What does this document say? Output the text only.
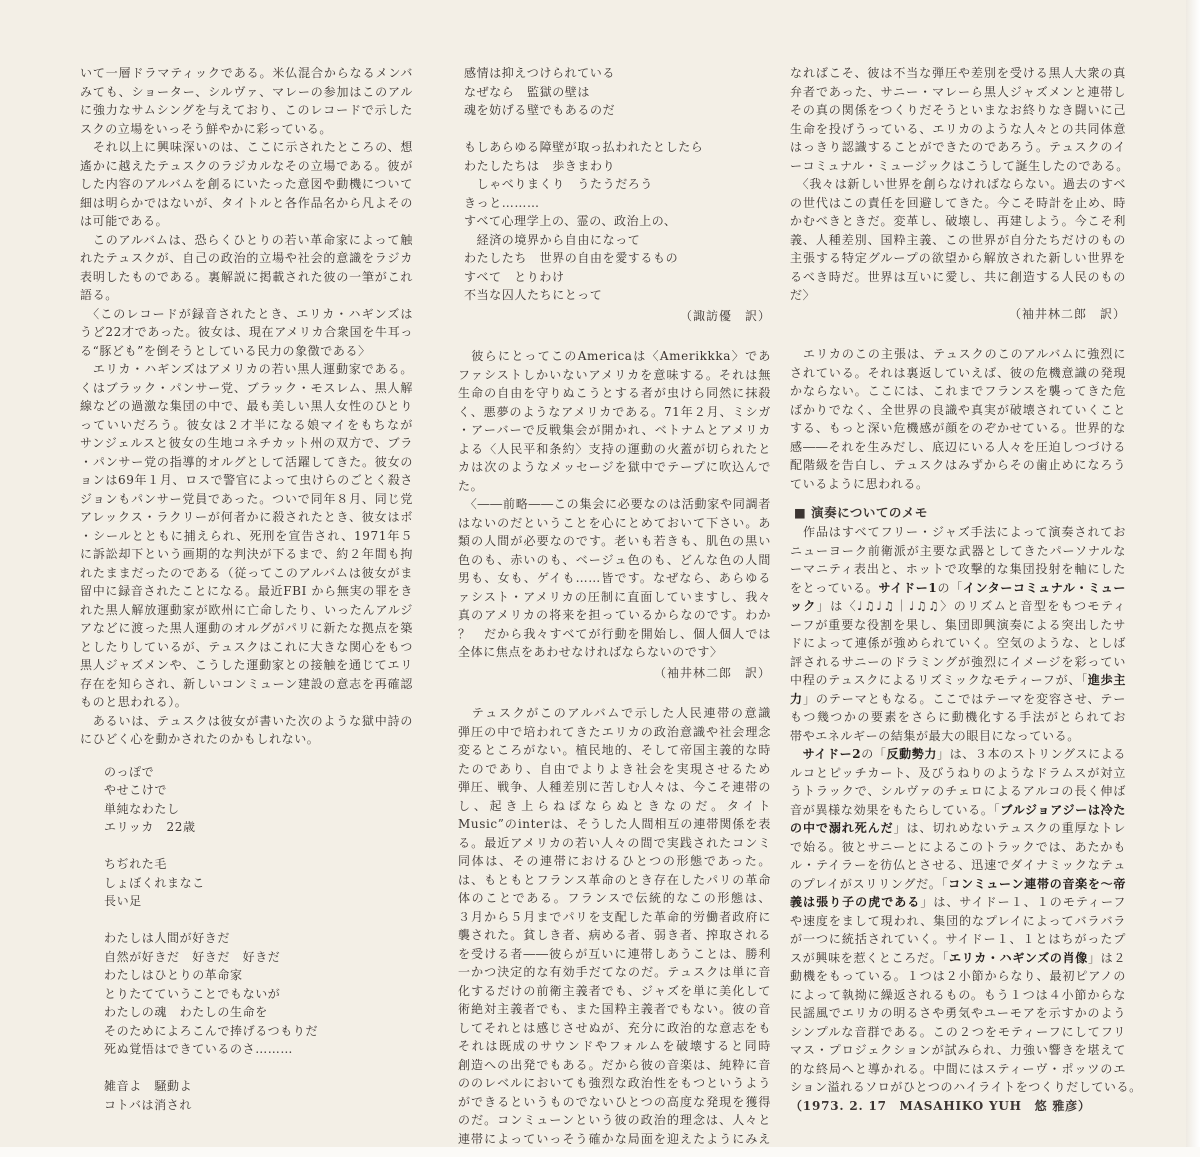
いて一層ドラマティックである。米仏混合からなるメンバ
みても、ショーター、シルヴァ、マレーの参加はこのアル
に強力なサムシングを与えており、このレコードで示した
スクの立場をいっそう鮮やかに彩っている。
　それ以上に興味深いのは、ここに示されたところの、想
遙かに越えたテュスクのラジカルなその立場である。彼が
した内容のアルバムを創るにいたった意図や動機について
細は明らかではないが、タイトルと各作品名から凡よその
は可能である。
　このアルバムは、恐らくひとりの若い革命家によって触
れたテュスクが、自己の政治的立場や社会的意識をラジカ
表明したものである。裏解説に掲載された彼の一筆がこれ
語る。
　〈このレコードが録音されたとき、エリカ・ハギンズは
うど22才であった。彼女は、現在アメリカ合衆国を牛耳っ
る“豚ども”を倒そうとしている民力の象徴である〉
　エリカ・ハギンズはアメリカの若い黒人運動家である。
くはブラック・パンサー党、ブラック・モスレム、黒人解
線などの過激な集団の中で、最も美しい黒人女性のひとり
っていいだろう。彼女は２才半になる娘マイをもちなが
サンジェルスと彼女の生地コネチカット州の双方で、ブラ
・パンサー党の指導的オルグとして活躍してきた。彼女の
ョンは69年１月、ロスで警官によって虫けらのごとく殺さ
ジョンもパンサー党員であった。ついで同年８月、同じ党
アレックス・ラクリーが何者かに殺されたとき、彼女はボ
・シールとともに捕えられ、死刑を宣告され、1971年５
に訴訟却下という画期的な判決が下るまで、約２年間も拘
れたままだったのである（従ってこのアルバムは彼女がま
留中に録音されたことになる。最近FBI から無実の罪をき
れた黒人解放運動家が欧州に亡命したり、いったんアルジ
アなどに渡った黒人運動のオルグがパリに新たな拠点を築
としたりしているが、テュスクはこれに大きな関心をもつ
黒人ジャズメンや、こうした運動家との接触を通じてエリ
存在を知らされ、新しいコンミューン建設の意志を再確認
ものと思われる）。
　あるいは、テュスクは彼女が書いた次のような獄中詩の
にひどく心を動かされたのかもしれない。
のっぽで
やせこけで
単純なわたし
エリッカ　22歳

ちぢれた毛
しょぼくれまなこ
長い足

わたしは人間が好きだ
自然が好きだ　好きだ　好きだ
わたしはひとりの革命家
とりたてていうことでもないが
わたしの魂　わたしの生命を
そのためによろこんで捧げるつもりだ
死ぬ覚悟はできているのさ………

雑音よ　騒動よ
コトバは消され
感情は抑えつけられている
なぜなら　監獄の壁は
魂を妨げる壁でもあるのだ

もしあらゆる障壁が取っ払われたとしたら
わたしたちは　歩きまわり
　しゃべりまくり　うたうだろう
きっと………
すべて心理学上の、霊の、政治上の、
　経済の境界から自由になって
わたしたち　世界の自由を愛するもの
すべて　とりわけ
不当な囚人たちにとって
（諏訪優　訳）
　彼らにとってこのAmericaは〈Amerikkka〉であ
ファシストしかいないアメリカを意味する。それは無
生命の自由を守りぬこうとする者が虫けら同然に抹殺
く、悪夢のようなアメリカである。71年２月、ミシガ
・アーバーで反戦集会が開かれ、ベトナムとアメリカ
よる〈人民平和条約〉支持の運動の火蓋が切られたと
カは次のようなメッセージを獄中でテープに吹込んで
た。
　〈――前略――この集会に必要なのは活動家や同調者
はないのだということを心にとめておいて下さい。あ
類の人間が必要なのです。老いも若きも、肌色の黒い
色のも、赤いのも、ベージュ色のも、どんな色の人間
男も、女も、ゲイも……皆です。なぜなら、あらゆる
ァシスト・アメリカの圧制に直面していますし、我々
真のアメリカの将来を担っているからなのです。わか
？　だから我々すべてが行動を開始し、個人個人では
全体に焦点をあわせなければならないのです〉
（袖井林二郎　訳）
　テュスクがこのアルバムで示した人民連帯の意識
弾圧の中で培われてきたエリカの政治意識や社会理念
変るところがない。植民地的、そして帝国主義的な時
たのであり、自由でよりよき社会を実現させるため
弾圧、戦争、人種差別に苦しむ人々は、今こそ連帯の
し、起き上らねばならぬときなのだ。タイト
Music”のinterは、そうした人間相互の連帯関係を表
る。最近アメリカの若い人々の間で実践されたコンミ
同体は、その連帯におけるひとつの形態であった。
は、もともとフランス革命のとき存在したパリの革命
体のことである。フランスで伝統的なこの形態は、
３月から５月までパリを支配した革命的労働者政府に
襲された。貧しき者、病める者、弱き者、搾取される
を受ける者――彼らが互いに連帯しあうことは、勝利
一かつ決定的な有効手だてなのだ。テュスクは単に音
化するだけの前衛主義者でも、ジャズを単に美化して
術絶対主義者でも、また国粋主義者でもない。彼の音
してそれとは感じさせぬが、充分に政治的な意志をも
それは既成のサウンドやフォルムを破壊すると同時
創造への出発でもある。だから彼の音楽は、純粋に音
ののレベルにおいても強烈な政治性をもつというよう
ができるというものでないひとつの高度な発現を獲得
のだ。コンミューンという彼の政治的理念は、人々と
連帯によっていっそう確かな局面を迎えたようにみえ
なればこそ、彼は不当な弾圧や差別を受ける黒人大衆の真
弁者であった、サニー・マレーら黒人ジャズメンと連帯し
その真の関係をつくりだそうといまなお終りなき闘いに己
生命を投げうっている、エリカのような人々との共同体意
はっきり認識することができたのであろう。テュスクのイ
ーコミュナル・ミュージックはこうして誕生したのである。
　〈我々は新しい世界を創らなければならない。過去のすべ
の世代はこの責任を回避してきた。今こそ時計を止め、時
かむべきときだ。変革し、破壊し、再建しよう。今こそ利
義、人種差別、国粋主義、この世界が自分たちだけのもの
主張する特定グループの欲望から解放された新しい世界を
るべき時だ。世界は互いに愛し、共に創造する人民のもの
だ〉
（袖井林二郎　訳）
　エリカのこの主張は、テュスクのこのアルバムに強烈に
されている。それは裏返していえば、彼の危機意識の発現
かならない。ここには、これまでフランスを襲ってきた危
ばかりでなく、全世界の良識や真実が破壊されていくこと
する、もっと深い危機感が顔をのぞかせている。世界的な
感――それを生みだし、底辺にいる人々を圧迫しつづける
配階級を告白し、テュスクはみずからその歯止めになろう
ているように思われる。
■ 演奏についてのメモ
　作品はすべてフリー・ジャズ手法によって演奏されてお
ニューヨーク前衛派が主要な武器としてきたパーソナルな
ーマニティ表出と、ホットで攻撃的な集団投射を軸にした
をとっている。サイドー1の「インターコミュナル・ミュー
ック」は〈♩♫♩♫｜♩♫♫〉のリズムと音型をもつモティ
ーフが重要な役割を果し、集団即興演奏による突出したサ
ドによって連係が強められていく。空気のような、としば
評されるサニーのドラミングが強烈にイメージを彩ってい
中程のテュスクによるリズミックなモティーフが、「進歩主
力」のテーマともなる。ここではテーマを変容させ、テー
もつ幾つかの要素をさらに動機化する手法がとられてお
帯やエネルギーの結集が最大の眼目になっている。
　サイドー2の「反動勢力」は、３本のストリングスによる
ルコとピッチカート、及びうねりのようなドラムスが対立
うトラックで、シルヴァのチェロによるアルコの長く伸ば
音が異様な効果をもたらしている。「ブルジョアジーは冷た
の中で溺れ死んだ」は、切れめないテュスクの重厚なトレ
で始る。彼とサニーとによるこのトラックでは、あたかも
ル・テイラーを彷仏とさせる、迅速でダイナミックなテュ
のプレイがスリリングだ。「コンミューン連帯の音楽を～帝
義は張り子の虎である」は、サイドー１、１のモティーフ
や速度をまして現われ、集団的なプレイによってバラバラ
が一つに統括されていく。サイドー１、１とはちがったプ
スが興味を惹くところだ。「エリカ・ハギンズの肖像」は２
動機をもっている。１つは２小節からなり、最初ピアノの
によって執拗に繰返されるもの。もう１つは４小節からな
民謡風でエリカの明るさや勇気やユーモアを示すかのよう
シンプルな音群である。この２つをモティーフにしてフリ
マス・プロジェクションが試みられ、力強い響きを堪えて
的な終局へと導かれる。中間にはスティーヴ・ポッツのエ
ション溢れるソロがひとつのハイライトをつくりだしている。
（1973. 2. 17　MASAHIKO YUH　悠 雅彦）
